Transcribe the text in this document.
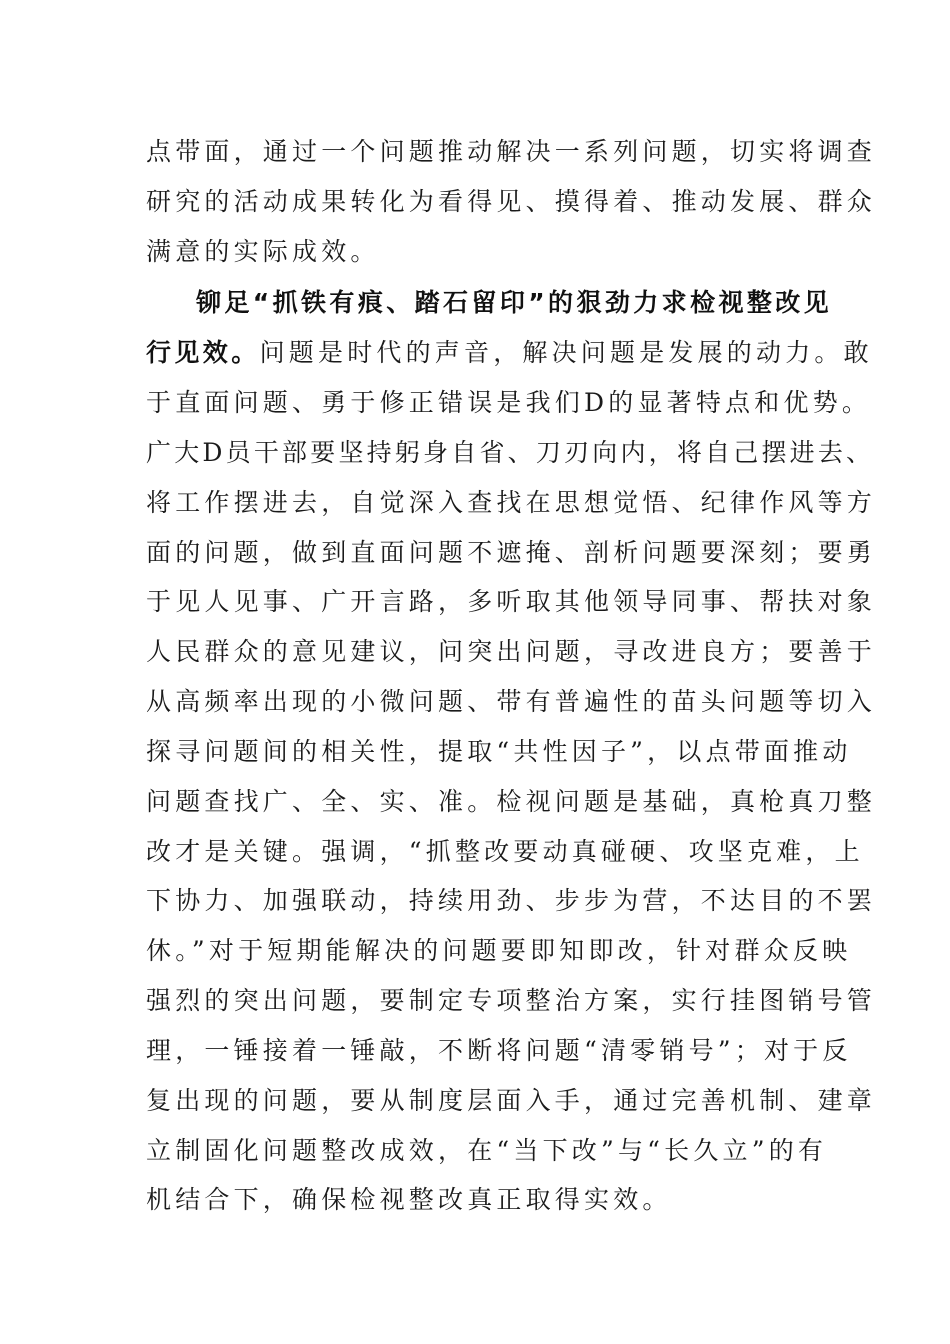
点带面，通过一个问题推动解决一系列问题，切实将调查
研究的活动成果转化为看得见、摸得着、推动发展、群众
满意的实际成效。
铆足“抓铁有痕、踏石留印”的狠劲力求检视整改见
行见效。问题是时代的声音，解决问题是发展的动力。敢
于直面问题、勇于修正错误是我们D的显著特点和优势。
广大D员干部要坚持躬身自省、刀刃向内，将自己摆进去、
将工作摆进去，自觉深入查找在思想觉悟、纪律作风等方
面的问题，做到直面问题不遮掩、剖析问题要深刻；要勇
于见人见事、广开言路，多听取其他领导同事、帮扶对象
人民群众的意见建议，问突出问题，寻改进良方；要善于
从高频率出现的小微问题、带有普遍性的苗头问题等切入
探寻问题间的相关性，提取“共性因子”，以点带面推动
问题查找广、全、实、准。检视问题是基础，真枪真刀整
改才是关键。强调，“抓整改要动真碰硬、攻坚克难，上
下协力、加强联动，持续用劲、步步为营，不达目的不罢
休。”对于短期能解决的问题要即知即改，针对群众反映
强烈的突出问题，要制定专项整治方案，实行挂图销号管
理，一锤接着一锤敲，不断将问题“清零销号”；对于反
复出现的问题，要从制度层面入手，通过完善机制、建章
立制固化问题整改成效，在“当下改”与“长久立”的有
机结合下，确保检视整改真正取得实效。
